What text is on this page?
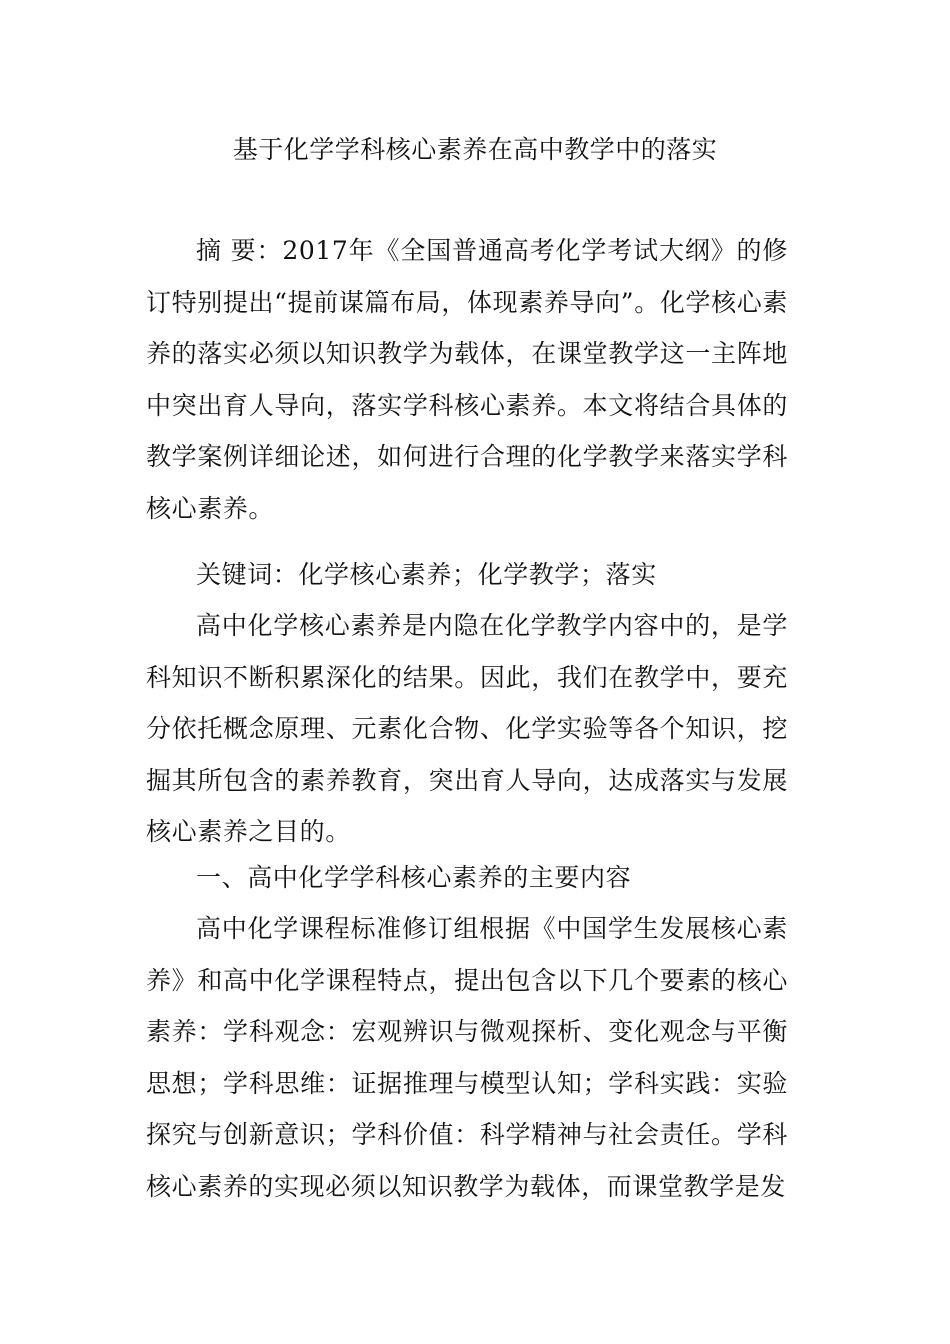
基于化学学科核心素养在高中教学中的落实

摘 要：2017年《全国普通高考化学考试大纲》的修订特别提出“提前谋篇布局，体现素养导向”。化学核心素养的落实必须以知识教学为载体，在课堂教学这一主阵地中突出育人导向，落实学科核心素养。本文将结合具体的教学案例详细论述，如何进行合理的化学教学来落实学科核心素养。

关键词：化学核心素养；化学教学；落实

高中化学核心素养是内隐在化学教学内容中的，是学科知识不断积累深化的结果。因此，我们在教学中，要充分依托概念原理、元素化合物、化学实验等各个知识，挖掘其所包含的素养教育，突出育人导向，达成落实与发展核心素养之目的。

一、高中化学学科核心素养的主要内容

高中化学课程标准修订组根据《中国学生发展核心素养》和高中化学课程特点，提出包含以下几个要素的核心素养：学科观念：宏观辨识与微观探析、变化观念与平衡思想；学科思维：证据推理与模型认知；学科实践：实验探究与创新意识；学科价值：科学精神与社会责任。学科核心素养的实现必须以知识教学为载体，而课堂教学是发
